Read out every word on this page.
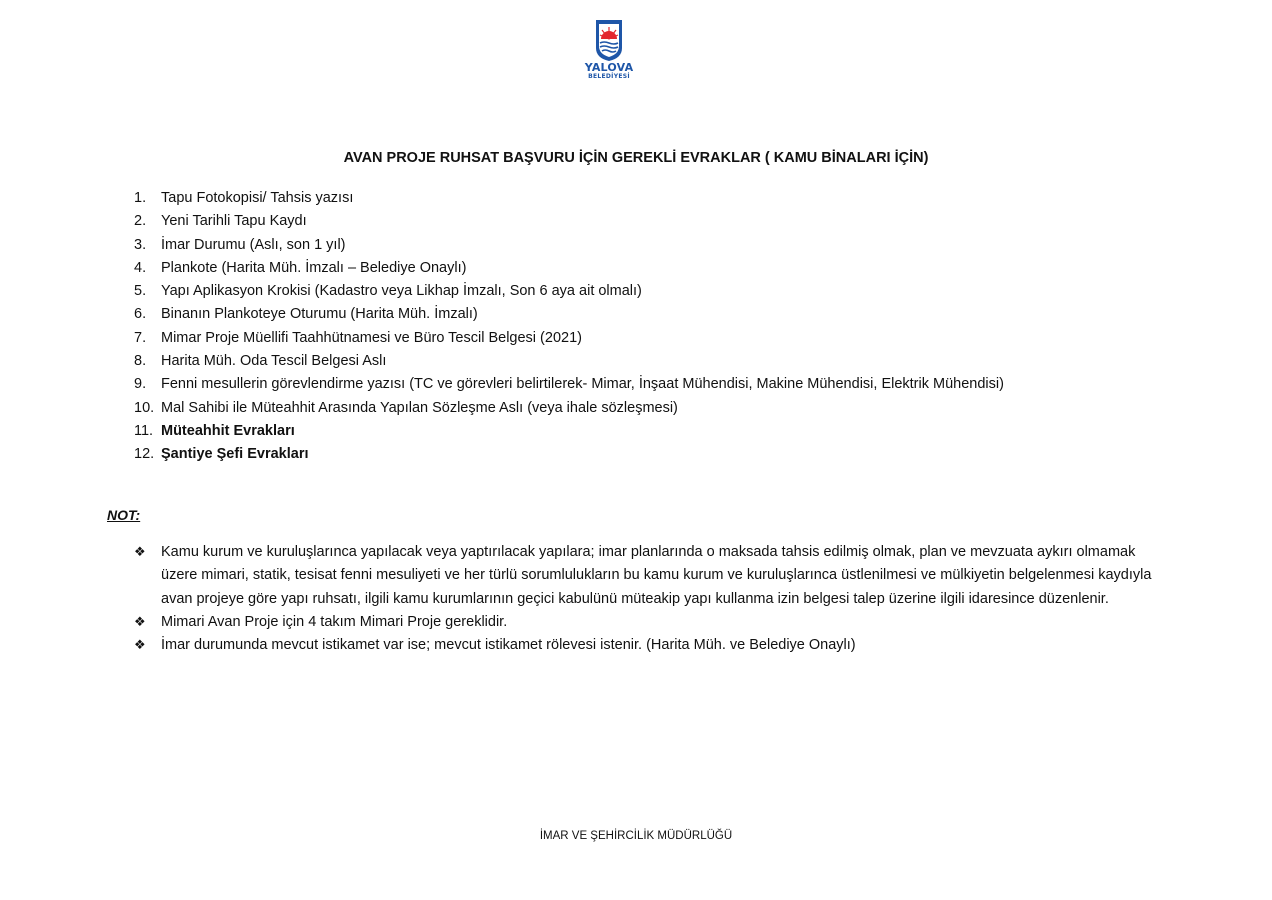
YALOVA
BELEDİYESİ
AVAN PROJE RUHSAT BAŞVURU İÇİN GEREKLİ EVRAKLAR ( KAMU BİNALARI İÇİN)
1. Tapu Fotokopisi/ Tahsis yazısı
2. Yeni Tarihli Tapu Kaydı
3. İmar Durumu (Aslı, son 1 yıl)
4. Plankote (Harita Müh. İmzalı – Belediye Onaylı)
5. Yapı Aplikasyon Krokisi (Kadastro veya Likhap İmzalı, Son 6 aya ait olmalı)
6. Binanın Plankoteye Oturumu (Harita Müh. İmzalı)
7. Mimar Proje Müellifi Taahhütnamesi ve Büro Tescil Belgesi (2021)
8. Harita Müh. Oda Tescil Belgesi Aslı
9. Fenni mesullerin görevlendirme yazısı (TC ve görevleri belirtilerek- Mimar, İnşaat Mühendisi, Makine Mühendisi, Elektrik Mühendisi)
10. Mal Sahibi ile Müteahhit Arasında Yapılan Sözleşme Aslı (veya ihale sözleşmesi)
11. Müteahhit Evrakları
12. Şantiye Şefi Evrakları
NOT:
❖ Kamu kurum ve kuruluşlarınca yapılacak veya yaptırılacak yapılara; imar planlarında o maksada tahsis edilmiş olmak, plan ve mevzuata aykırı olmamak üzere mimari, statik, tesisat fenni mesuliyeti ve her türlü sorumlulukların bu kamu kurum ve kuruluşlarınca üstlenilmesi ve mülkiyetin belgelenmesi kaydıyla avan projeye göre yapı ruhsatı, ilgili kamu kurumlarının geçici kabulünü müteakip yapı kullanma izin belgesi talep üzerine ilgili idaresince düzenlenir.
❖ Mimari Avan Proje için 4 takım Mimari Proje gereklidir.
❖ İmar durumunda mevcut istikamet var ise; mevcut istikamet rölevesi istenir. (Harita Müh. ve Belediye Onaylı)
İMAR VE ŞEHİRCİLİK MÜDÜRLÜĞÜ
